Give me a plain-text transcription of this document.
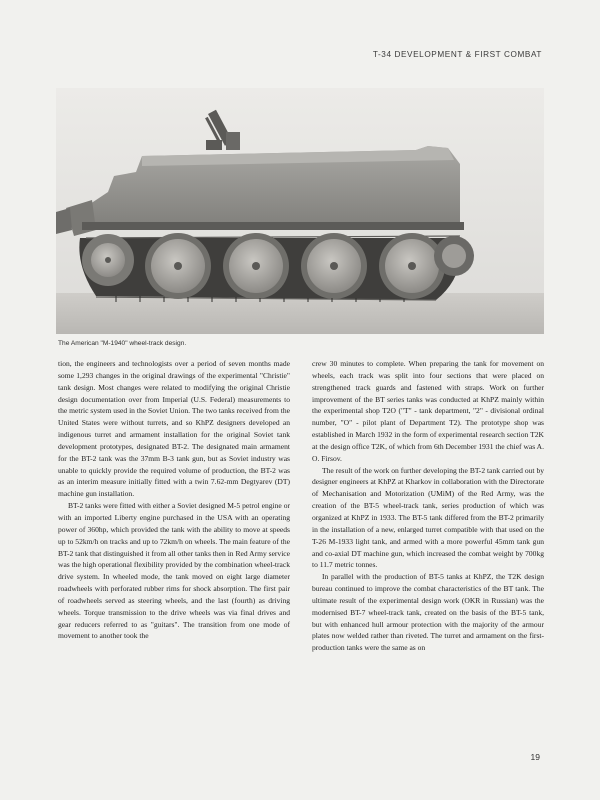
T-34 DEVELOPMENT & FIRST COMBAT
The American "M-1940" wheel-track design.

tion, the engineers and technologists over a period of seven months made some 1,293 changes in the original drawings of the experimental "Christie" tank design. Most changes were related to modifying the original Christie design documentation over from Imperial (U.S. Federal) measurements to the metric system used in the Soviet Union. The two tanks received from the United States were without turrets, and so KhPZ designers developed an indigenous turret and armament installation for the original Soviet tank development prototypes, designated BT-2. The designated main armament for the BT-2 tank was the 37mm B-3 tank gun, but as Soviet industry was unable to quickly provide the required volume of production, the BT-2 was as an interim measure initially fitted with a twin 7.62-mm Degtyarev (DT) machine gun installation.

BT-2 tanks were fitted with either a Soviet designed M-5 petrol engine or with an imported Liberty engine purchased in the USA with an operating power of 360hp, which provided the tank with the ability to move at speeds up to 52km/h on tracks and up to 72km/h on wheels. The main feature of the BT-2 tank that distinguished it from all other tanks then in Red Army service was the high operational flexibility provided by the combination wheel-track drive system. In wheeled mode, the tank moved on eight large diameter roadwheels with perforated rubber rims for shock absorption. The first pair of roadwheels served as steering wheels, and the last (fourth) as driving wheels. Torque transmission to the drive wheels was via final drives and gear reducers referred to as "guitars". The transition from one mode of movement to another took the

crew 30 minutes to complete. When preparing the tank for movement on wheels, each track was split into four sections that were placed on strengthened track guards and fastened with straps. Work on further improvement of the BT series tanks was conducted at KhPZ mainly within the experimental shop T2O ("T" - tank department, "2" - divisional ordinal number, "O" - pilot plant of Department T2). The prototype shop was established in March 1932 in the form of experimental research section T2K at the design office T2K, of which from 6th December 1931 the chief was A. O. Firsov.

The result of the work on further developing the BT-2 tank carried out by designer engineers at KhPZ at Kharkov in collaboration with the Directorate of Mechanisation and Motorization (UMiM) of the Red Army, was the creation of the BT-5 wheel-track tank, series production of which was organized at KhPZ in 1933. The BT-5 tank differed from the BT-2 primarily in the installation of a new, enlarged turret compatible with that used on the T-26 M-1933 light tank, and armed with a more powerful 45mm tank gun and co-axial DT machine gun, which increased the combat weight by 700kg to 11.7 metric tonnes.

In parallel with the production of BT-5 tanks at KhPZ, the T2K design bureau continued to improve the combat characteristics of the BT tank. The ultimate result of the experimental design work (OKR in Russian) was the modernised BT-7 wheel-track tank, created on the basis of the BT-5 tank, but with enhanced hull armour protection with the majority of the armour plates now welded rather than riveted. The turret and armament on the first-production tanks were the same as on

19
